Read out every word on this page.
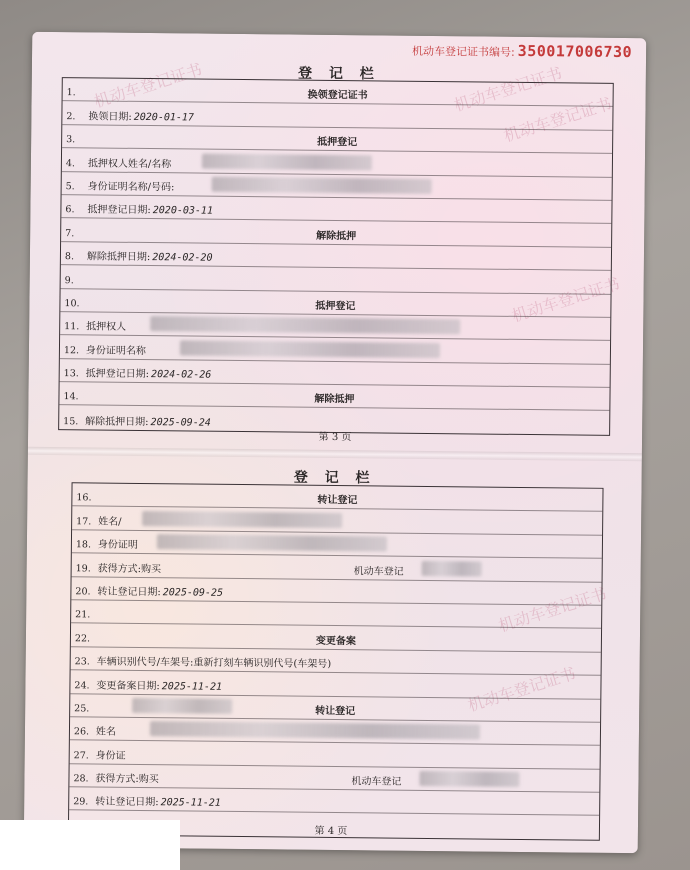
机动车登记证书
机动车登记证书
机动车登记证书
机动车登记证书
机动车登记证书
机动车登记证书
机动车登记证书编号: 350017006730
登 记 栏
1.	换领登记证书
2. 换领日期: 2020-01-17
3.	抵押登记
4. 抵押权人姓名/名称
5. 身份证明名称/号码:
6. 抵押登记日期: 2020-03-11
7.	解除抵押
8. 解除抵押日期: 2024-02-20
9.
10.	抵押登记
11. 抵押权人
12. 身份证明名称
13. 抵押登记日期: 2024-02-26
14.	解除抵押
15. 解除抵押日期: 2025-09-24
第 3 页
登 记 栏
16.	转让登记
17. 姓名/
18. 身份证明
19. 获得方式:购买	机动车登记
20. 转让登记日期: 2025-09-25
21.
22.	变更备案
23. 车辆识别代号/车架号:重新打刻车辆识别代号(车架号)
24. 变更备案日期: 2025-11-21
25.	转让登记
26. 姓名
27. 身份证
28. 获得方式:购买	机动车登记
29. 转让登记日期: 2025-11-21
第 4 页
